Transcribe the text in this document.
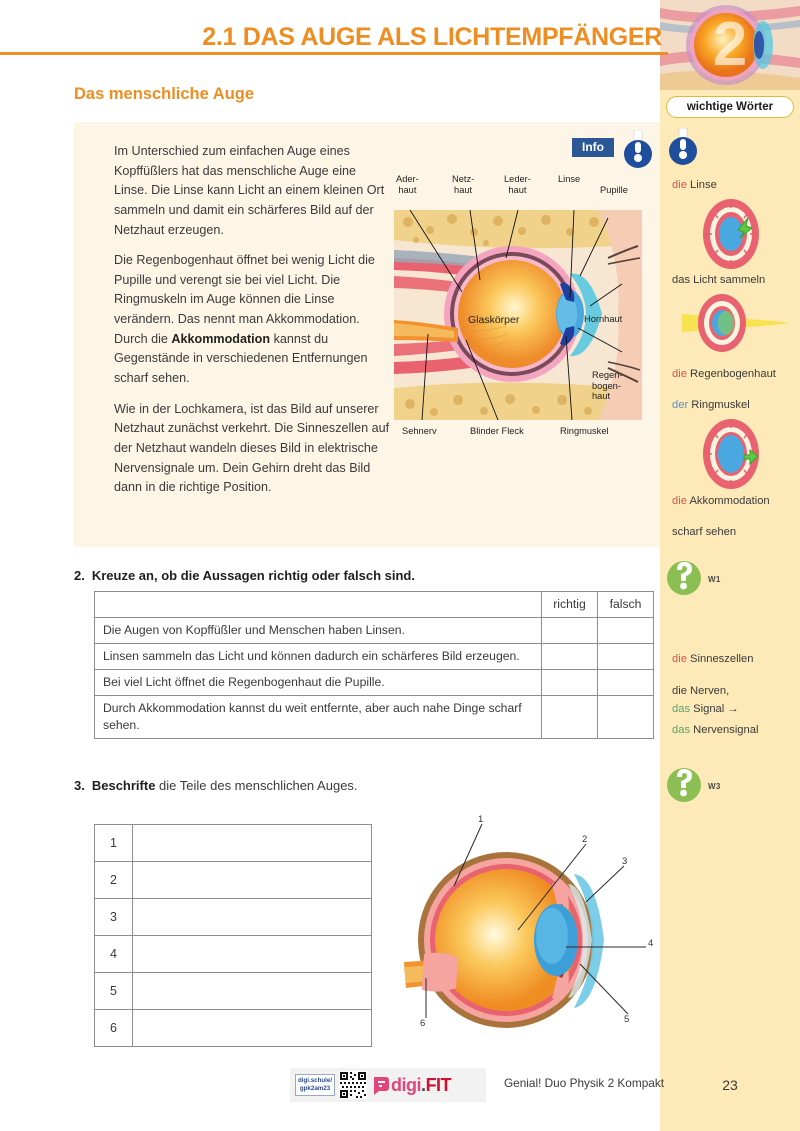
2
wichtige Wörter
die Linse
das Licht sammeln
die Regenbogenhaut
der Ringmuskel
die Akkommodation
scharf sehen
W1
die Sinneszellen
die Nerven,
das Signal →
das Nervensignal
W3
23
2.1 DAS AUGE ALS LICHTEMPFÄNGER
Das menschliche Auge
Info

Im Unterschied zum einfachen Auge eines Kopffüßlers hat das menschliche Auge eine Linse. Die Linse kann Licht an einem kleinen Ort sammeln und damit ein schärferes Bild auf der Netzhaut erzeugen.

Die Regenbogenhaut öffnet bei wenig Licht die Pupille und verengt sie bei viel Licht. Die Ringmuskeln im Auge können die Linse verändern. Das nennt man Akkommodation. Durch die Akkommodation kannst du Gegenstände in verschiedenen Entfernungen scharf sehen.

Wie in der Lochkamera, ist das Bild auf unserer Netzhaut zunächst verkehrt. Die Sinneszellen auf der Netzhaut wandeln dieses Bild in elektrische Nervensignale um. Dein Gehirn dreht das Bild dann in die richtige Position.

Ader-
haut
Netz-
haut
Leder-
haut
Linse
Pupille
Hornhaut
Regen-
bogen-
haut
Sehnerv	Blinder Fleck	Ringmuskel
Glaskörper
2. Kreuze an, ob die Aussagen richtig oder falsch sind.
	richtig	falsch
Die Augen von Kopffüßler und Menschen haben Linsen.		
Linsen sammeln das Licht und können dadurch ein schärferes Bild erzeugen.		
Bei viel Licht öffnet die Regenbogenhaut die Pupille.		
Durch Akkommodation kannst du weit entfernte, aber auch nahe Dinge scharf sehen.		
3. Beschrifte die Teile des menschlichen Auges.
1	
2	
3	
4	
5	
6	
1
2
3
4
5
6
digi.schule/
gpk2am23	digi . FIT	Genial! Duo Physik 2 Kompakt
